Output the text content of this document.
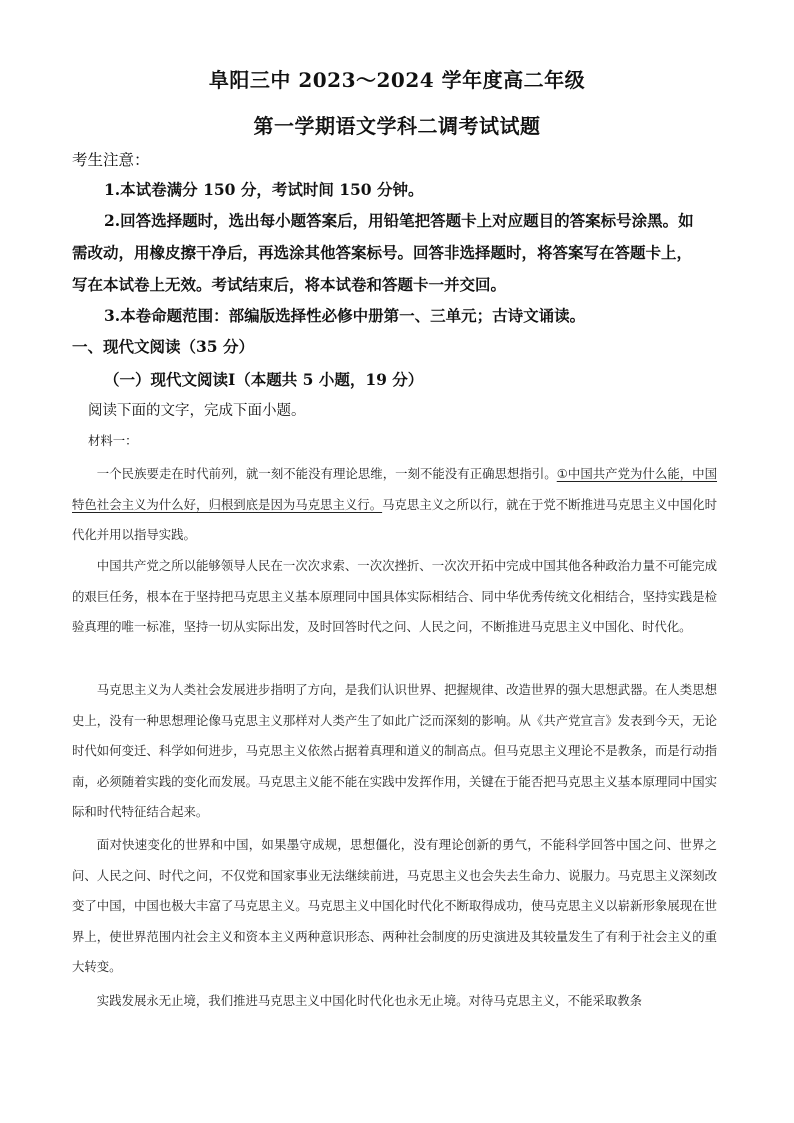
阜阳三中 2023～2024 学年度高二年级
第一学期语文学科二调考试试题
考生注意：
1.本试卷满分 150 分，考试时间 150 分钟。
2.回答选择题时，选出每小题答案后，用铅笔把答题卡上对应题目的答案标号涂黑。如
需改动，用橡皮擦干净后，再选涂其他答案标号。回答非选择题时，将答案写在答题卡上，
写在本试卷上无效。考试结束后，将本试卷和答题卡一并交回。
3.本卷命题范围：部编版选择性必修中册第一、三单元；古诗文诵读。
一、现代文阅读（35 分）
（一）现代文阅读Ⅰ（本题共 5 小题，19 分）
阅读下面的文字，完成下面小题。
材料一：
一个民族要走在时代前列，就一刻不能没有理论思维，一刻不能没有正确思想指引。①中国共产党为什么能，中国特色社会主义为什么好，归根到底是因为马克思主义行。马克思主义之所以行，就在于党不断推进马克思主义中国化时代化并用以指导实践。
中国共产党之所以能够领导人民在一次次求索、一次次挫折、一次次开拓中完成中国其他各种政治力量不可能完成的艰巨任务，根本在于坚持把马克思主义基本原理同中国具体实际相结合、同中华优秀传统文化相结合，坚持实践是检验真理的唯一标准，坚持一切从实际出发，及时回答时代之问、人民之问，不断推进马克思主义中国化、时代化。
马克思主义为人类社会发展进步指明了方向，是我们认识世界、把握规律、改造世界的强大思想武器。在人类思想史上，没有一种思想理论像马克思主义那样对人类产生了如此广泛而深刻的影响。从《共产党宣言》发表到今天，无论时代如何变迁、科学如何进步，马克思主义依然占据着真理和道义的制高点。但马克思主义理论不是教条，而是行动指南，必须随着实践的变化而发展。马克思主义能不能在实践中发挥作用，关键在于能否把马克思主义基本原理同中国实际和时代特征结合起来。
面对快速变化的世界和中国，如果墨守成规，思想僵化，没有理论创新的勇气，不能科学回答中国之问、世界之问、人民之问、时代之问，不仅党和国家事业无法继续前进，马克思主义也会失去生命力、说服力。马克思主义深刻改变了中国，中国也极大丰富了马克思主义。马克思主义中国化时代化不断取得成功，使马克思主义以崭新形象展现在世界上，使世界范围内社会主义和资本主义两种意识形态、两种社会制度的历史演进及其较量发生了有利于社会主义的重大转变。
实践发展永无止境，我们推进马克思主义中国化时代化也永无止境。对待马克思主义，不能采取教条
